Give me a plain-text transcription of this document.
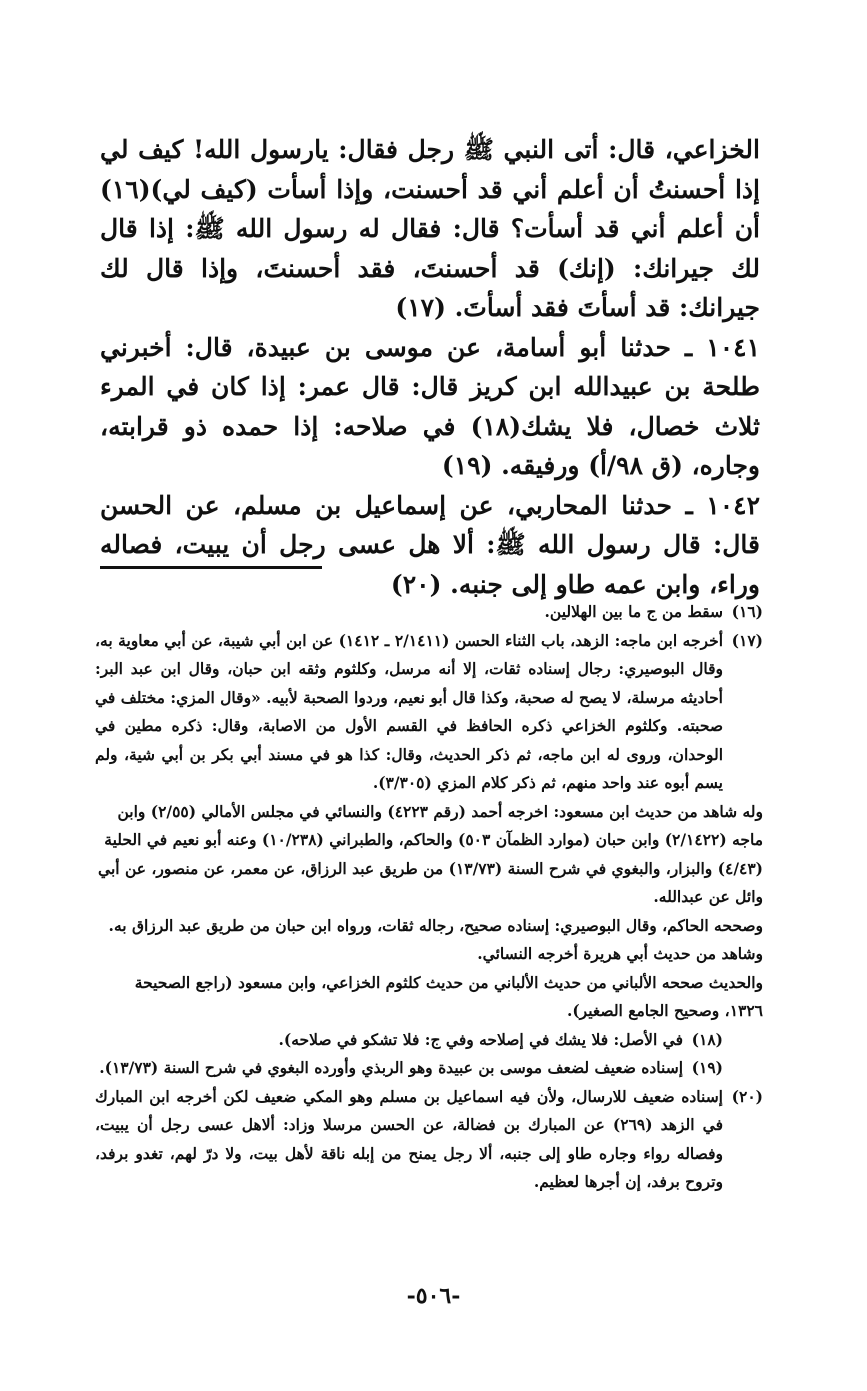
الخزاعي، قال: أتى النبي ﷺ رجل فقال: يارسول الله! كيف لي إذا أحسنتُ أن أعلم أني قد أحسنت، وإذا أسأت (كيف لي)(١٦) أن أعلم أني قد أسأت؟ قال: فقال له رسول الله ﷺ: إذا قال لك جيرانك: (إنك) قد أحسنتَ، فقد أحسنتَ، وإذا قال لك جيرانك: قد أسأتَ فقد أسأتَ. (١٧)

١٠٤١ ـ حدثنا أبو أسامة، عن موسى بن عبيدة، قال: أخبرني طلحة بن عبيدالله ابن كريز قال: قال عمر: إذا كان في المرء ثلاث خصال، فلا يشك(١٨) في صلاحه: إذا حمده ذو قرابته، وجاره، (ق ٩٨/أ) ورفيقه. (١٩)

١٠٤٢ ـ حدثنا المحاربي، عن إسماعيل بن مسلم، عن الحسن قال: قال رسول الله ﷺ: ألا هل عسى رجل أن يبيت، فصاله وراء، وابن عمه طاو إلى جنبه. (٢٠)

(١٦)
سقط من ج ما بين الهلالين.
(١٧)

أخرجه ابن ماجه: الزهد، باب الثناء الحسن (٢/١٤١١ ـ ١٤١٢) عن ابن أبي شيبة، عن أبي معاوية به، وقال البوصيري: رجال إسناده ثقات، إلا أنه مرسل، وكلثوم وثقه ابن حبان، وقال ابن عبد البر: أحاديثه مرسلة، لا يصح له صحبة، وكذا قال أبو نعيم، وردوا الصحبة لأبيه. «وقال المزي: مختلف في صحبته. وكلثوم الخزاعي ذكره الحافظ في القسم الأول من الاصابة، وقال: ذكره مطين في الوحدان، وروى له ابن ماجه، ثم ذكر الحديث، وقال: كذا هو في مسند أبي بكر بن أبي شية، ولم يسم أبوه عند واحد منهم، ثم ذكر كلام المزي (٣/٣٠٥).

وله شاهد من حديث ابن مسعود: اخرجه أحمد (رقم ٤٢٢٣) والنسائي في مجلس الأمالي (٢/٥٥) وابن ماجه (٢/١٤٢٢) وابن حبان (موارد الظمآن ٥٠٣) والحاكم، والطبراني (١٠/٢٣٨) وعنه أبو نعيم في الحلية (٤/٤٣) والبزار، والبغوي في شرح السنة (١٣/٧٣) من طريق عبد الرزاق، عن معمر، عن منصور، عن أبي وائل عن عبدالله.

وصححه الحاكم، وقال البوصيري: إسناده صحيح، رجاله ثقات، ورواه ابن حبان من طريق عبد الرزاق به.

وشاهد من حديث أبي هريرة أخرجه النسائي.

والحديث صححه الألباني من حديث الألباني من حديث كلثوم الخزاعي، وابن مسعود (راجع الصحيحة ١٣٢٦، وصحيح الجامع الصغير).

(١٨)
في الأصل: فلا يشك في إصلاحه وفي ج: فلا تشكو في صلاحه).
(١٩)
إسناده ضعيف لضعف موسى بن عبيدة وهو الربذي وأورده البغوي في شرح السنة (١٣/٧٣).
(٢٠)
إسناده ضعيف للارسال، ولأن فيه اسماعيل بن مسلم وهو المكي ضعيف لكن أخرجه ابن المبارك في الزهد (٢٦٩) عن المبارك بن فضالة، عن الحسن مرسلا وزاد: ألاهل عسى رجل أن يبيت، وفصاله رواء وجاره طاو إلى جنبه، ألا رجل يمنح من إبله ناقة لأهل بيت، ولا درّ لهم، تغدو برفد، وتروح برفد، إن أجرها لعظيم.
-٥٠٦-
